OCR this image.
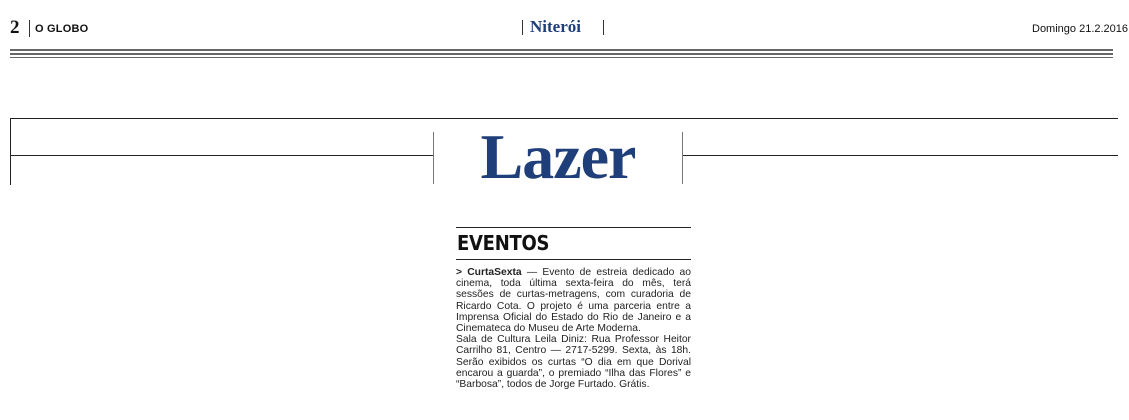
2 O GLOBO	Niterói	Domingo 21.2.2016
Lazer
EVENTOS

> CurtaSexta — Evento de estreia dedicado ao cinema, toda última sexta-feira do mês, terá sessões de curtas-metragens, com curadoria de Ricardo Cota. O projeto é uma parceria entre a Imprensa Oficial do Estado do Rio de Janeiro e a Cinemateca do Museu de Arte Moderna.

Sala de Cultura Leila Diniz: Rua Professor Heitor Carrilho 81, Centro — 2717-5299. Sexta, às 18h. Serão exibidos os curtas “O dia em que Dorival encarou a guarda”, o premiado “Ilha das Flores” e “Barbosa”, todos de Jorge Furtado. Grátis.
